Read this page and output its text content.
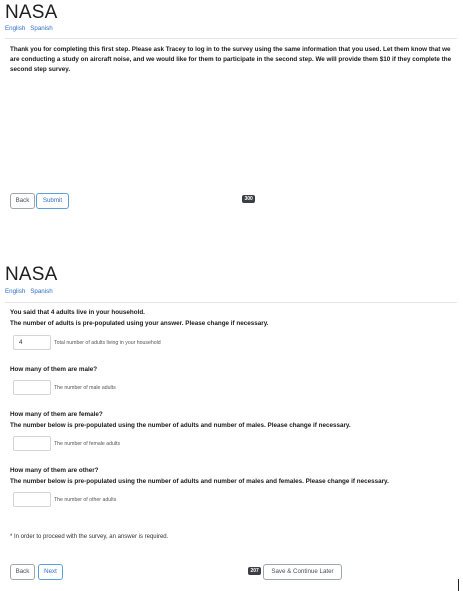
NASA
English Spanish
Thank you for completing this first step. Please ask Tracey to log in to the survey using the same information that you used. Let them know that we are conducting a study on aircraft noise, and we would like for them to participate in the second step. We will provide them $10 if they complete the second step survey.
Back	Submit	300
NASA
English Spanish
You said that 4 adults live in your household.
The number of adults is pre-populated using your answer. Please change if necessary.
4	Total number of adults living in your household
How many of them are male?
The number of male adults
How many of them are female?
The number below is pre-populated using the number of adults and number of males. Please change if necessary.
The number of female adults
How many of them are other?
The number below is pre-populated using the number of adults and number of males and females. Please change if necessary.
The number of other adults
* In order to proceed with the survey, an answer is required.
Back	Next	207	Save & Continue Later
